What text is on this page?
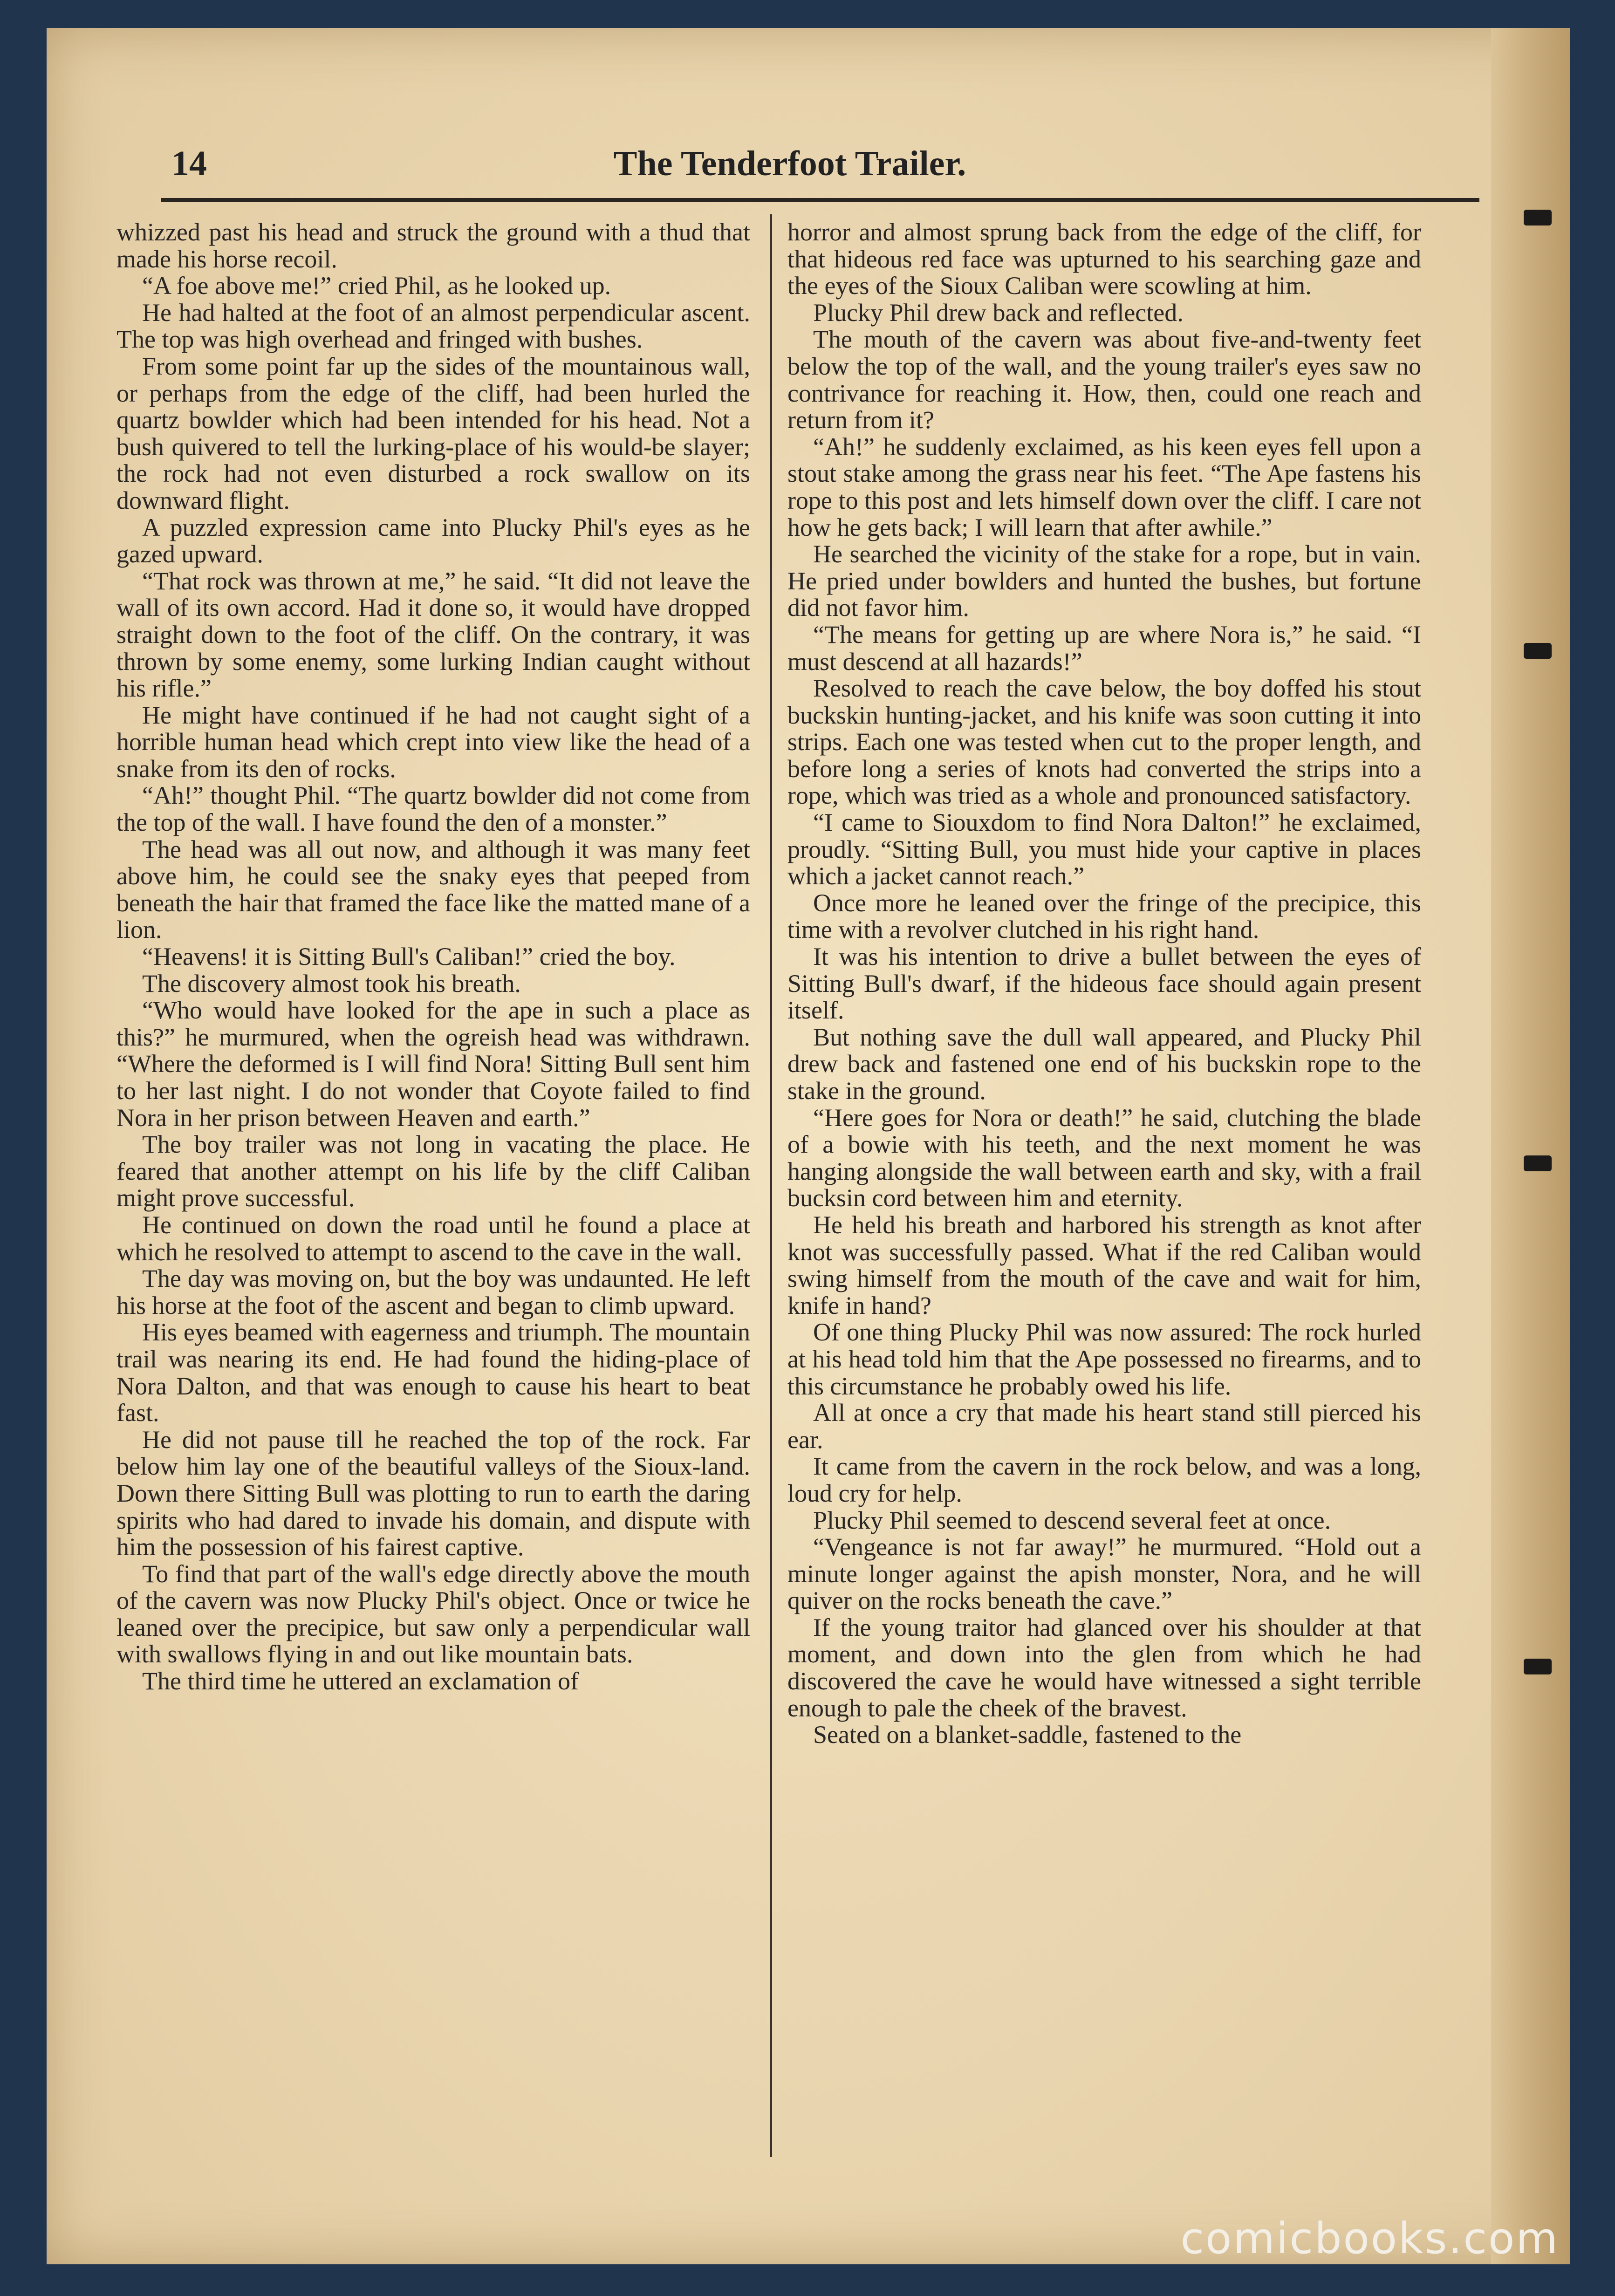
14	The Tenderfoot Trailer.

whizzed past his head and struck the ground with a thud that made his horse recoil.

“A foe above me!” cried Phil, as he looked up.

He had halted at the foot of an almost perpendicular ascent. The top was high overhead and fringed with bushes.

From some point far up the sides of the mountainous wall, or perhaps from the edge of the cliff, had been hurled the quartz bowlder which had been intended for his head. Not a bush quivered to tell the lurking-place of his would-be slayer; the rock had not even disturbed a rock swallow on its downward flight.

A puzzled expression came into Plucky Phil's eyes as he gazed upward.

“That rock was thrown at me,” he said. “It did not leave the wall of its own accord. Had it done so, it would have dropped straight down to the foot of the cliff. On the contrary, it was thrown by some enemy, some lurking Indian caught without his rifle.”

He might have continued if he had not caught sight of a horrible human head which crept into view like the head of a snake from its den of rocks.

“Ah!” thought Phil. “The quartz bowlder did not come from the top of the wall. I have found the den of a monster.”

The head was all out now, and although it was many feet above him, he could see the snaky eyes that peeped from beneath the hair that framed the face like the matted mane of a lion.

“Heavens! it is Sitting Bull's Caliban!” cried the boy.

The discovery almost took his breath.

“Who would have looked for the ape in such a place as this?” he murmured, when the ogreish head was withdrawn. “Where the deformed is I will find Nora! Sitting Bull sent him to her last night. I do not wonder that Coyote failed to find Nora in her prison between Heaven and earth.”

The boy trailer was not long in vacating the place. He feared that another attempt on his life by the cliff Caliban might prove successful.

He continued on down the road until he found a place at which he resolved to attempt to ascend to the cave in the wall.

The day was moving on, but the boy was undaunted. He left his horse at the foot of the ascent and began to climb upward.

His eyes beamed with eagerness and triumph. The mountain trail was nearing its end. He had found the hiding-place of Nora Dalton, and that was enough to cause his heart to beat fast.

He did not pause till he reached the top of the rock. Far below him lay one of the beautiful valleys of the Sioux-land. Down there Sitting Bull was plotting to run to earth the daring spirits who had dared to invade his domain, and dispute with him the possession of his fairest captive.

To find that part of the wall's edge directly above the mouth of the cavern was now Plucky Phil's object. Once or twice he leaned over the precipice, but saw only a perpendicular wall with swallows flying in and out like mountain bats.

The third time he uttered an exclamation of

horror and almost sprung back from the edge of the cliff, for that hideous red face was upturned to his searching gaze and the eyes of the Sioux Caliban were scowling at him.

Plucky Phil drew back and reflected.

The mouth of the cavern was about five-and-twenty feet below the top of the wall, and the young trailer's eyes saw no contrivance for reaching it. How, then, could one reach and return from it?

“Ah!” he suddenly exclaimed, as his keen eyes fell upon a stout stake among the grass near his feet. “The Ape fastens his rope to this post and lets himself down over the cliff. I care not how he gets back; I will learn that after awhile.”

He searched the vicinity of the stake for a rope, but in vain. He pried under bowlders and hunted the bushes, but fortune did not favor him.

“The means for getting up are where Nora is,” he said. “I must descend at all hazards!”

Resolved to reach the cave below, the boy doffed his stout buckskin hunting-jacket, and his knife was soon cutting it into strips. Each one was tested when cut to the proper length, and before long a series of knots had converted the strips into a rope, which was tried as a whole and pronounced satisfactory.

“I came to Siouxdom to find Nora Dalton!” he exclaimed, proudly. “Sitting Bull, you must hide your captive in places which a jacket cannot reach.”

Once more he leaned over the fringe of the precipice, this time with a revolver clutched in his right hand.

It was his intention to drive a bullet between the eyes of Sitting Bull's dwarf, if the hideous face should again present itself.

But nothing save the dull wall appeared, and Plucky Phil drew back and fastened one end of his buckskin rope to the stake in the ground.

“Here goes for Nora or death!” he said, clutching the blade of a bowie with his teeth, and the next moment he was hanging alongside the wall between earth and sky, with a frail bucksin cord between him and eternity.

He held his breath and harbored his strength as knot after knot was successfully passed. What if the red Caliban would swing himself from the mouth of the cave and wait for him, knife in hand?

Of one thing Plucky Phil was now assured: The rock hurled at his head told him that the Ape possessed no firearms, and to this circumstance he probably owed his life.

All at once a cry that made his heart stand still pierced his ear.

It came from the cavern in the rock below, and was a long, loud cry for help.

Plucky Phil seemed to descend several feet at once.

“Vengeance is not far away!” he murmured. “Hold out a minute longer against the apish monster, Nora, and he will quiver on the rocks beneath the cave.”

If the young traitor had glanced over his shoulder at that moment, and down into the glen from which he had discovered the cave he would have witnessed a sight terrible enough to pale the cheek of the bravest.

Seated on a blanket-saddle, fastened to the

comicbooks.com
